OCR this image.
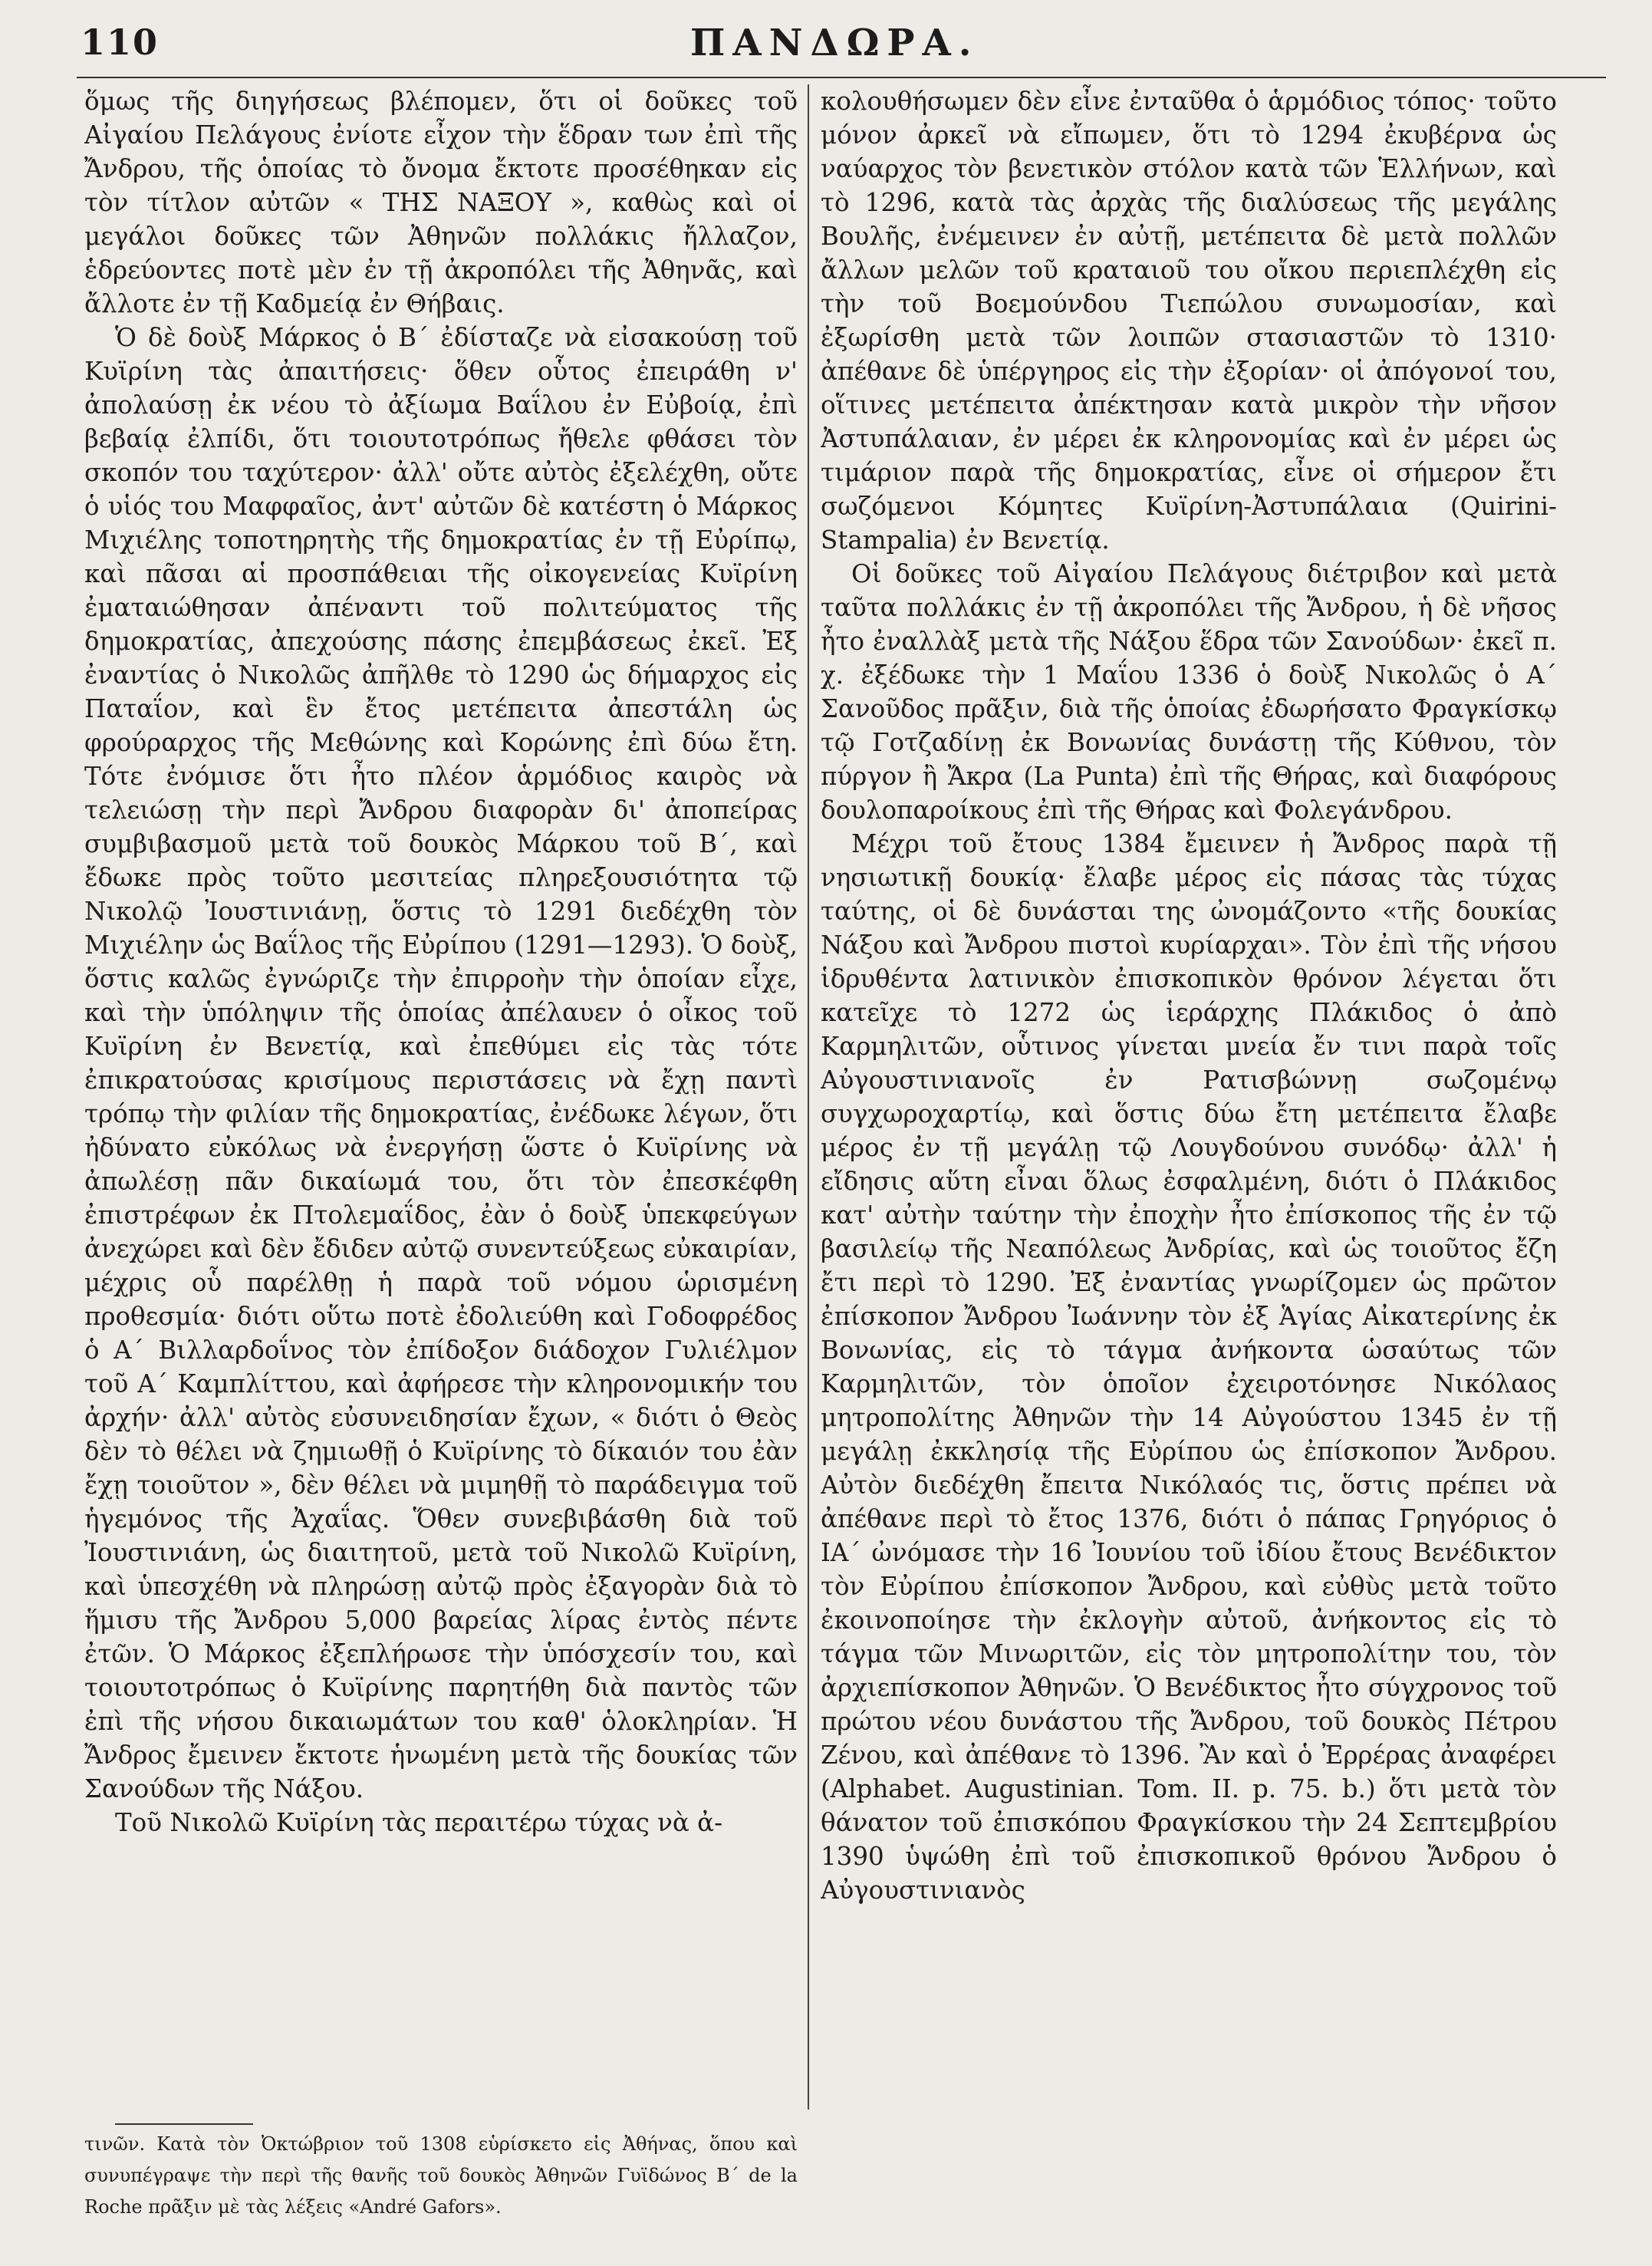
110	ΠΑΝΔΩΡΑ.

ὅμως τῆς διηγήσεως βλέπομεν, ὅτι οἱ δοῦκες τοῦ Αἰγαίου Πελάγους ἐνίοτε εἶχον τὴν ἕδραν των ἐπὶ τῆς Ἄνδρου, τῆς ὁποίας τὸ ὄνομα ἔκτοτε προσέθηκαν εἰς τὸν τίτλον αὐτῶν « ΤΗΣ ΝΑΞΟΥ », καθὼς καὶ οἱ μεγάλοι δοῦκες τῶν Ἀθηνῶν πολλάκις ἤλλαζον, ἑδρεύοντες ποτὲ μὲν ἐν τῇ ἀκροπόλει τῆς Ἀθηνᾶς, καὶ ἄλλοτε ἐν τῇ Καδμείᾳ ἐν Θήβαις.

Ὁ δὲ δοὺξ Μάρκος ὁ Β΄ ἐδίσταζε νὰ εἰσακούσῃ τοῦ Κυϊρίνη τὰς ἀπαιτήσεις· ὅθεν οὗτος ἐπειράθη ν' ἀπολαύσῃ ἐκ νέου τὸ ἀξίωμα Βαΐλου ἐν Εὐβοίᾳ, ἐπὶ βεβαίᾳ ἐλπίδι, ὅτι τοιουτοτρόπως ἤθελε φθάσει τὸν σκοπόν του ταχύτερον· ἀλλ' οὔτε αὐτὸς ἐξελέχθη, οὔτε ὁ υἱός του Μαφφαῖος, ἀντ' αὐτῶν δὲ κατέστη ὁ Μάρκος Μιχιέλης τοποτηρητὴς τῆς δημοκρατίας ἐν τῇ Εὐρίπῳ, καὶ πᾶσαι αἱ προσπάθειαι τῆς οἰκογενείας Κυϊρίνη ἐματαιώθησαν ἀπέναντι τοῦ πολιτεύματος τῆς δημοκρατίας, ἀπεχούσης πάσης ἐπεμβάσεως ἐκεῖ. Ἐξ ἐναντίας ὁ Νικολῶς ἀπῆλθε τὸ 1290 ὡς δήμαρχος εἰς Παταΐον, καὶ ἓν ἔτος μετέπειτα ἀπεστάλη ὡς φρούραρχος τῆς Μεθώνης καὶ Κορώνης ἐπὶ δύω ἔτη. Τότε ἐνόμισε ὅτι ἦτο πλέον ἁρμόδιος καιρὸς νὰ τελειώσῃ τὴν περὶ Ἄνδρου διαφορὰν δι' ἀποπείρας συμβιβασμοῦ μετὰ τοῦ δουκὸς Μάρκου τοῦ Β΄, καὶ ἔδωκε πρὸς τοῦτο μεσιτείας πληρεξουσιότητα τῷ Νικολῷ Ἰουστινιάνῃ, ὅστις τὸ 1291 διεδέχθη τὸν Μιχιέλην ὡς Βαΐλος τῆς Εὐρίπου (1291—1293). Ὁ δοὺξ, ὅστις καλῶς ἐγνώριζε τὴν ἐπιρροὴν τὴν ὁποίαν εἶχε, καὶ τὴν ὑπόληψιν τῆς ὁποίας ἀπέλαυεν ὁ οἶκος τοῦ Κυϊρίνη ἐν Βενετίᾳ, καὶ ἐπεθύμει εἰς τὰς τότε ἐπικρατούσας κρισίμους περιστάσεις νὰ ἔχῃ παντὶ τρόπῳ τὴν φιλίαν τῆς δημοκρατίας, ἐνέδωκε λέγων, ὅτι ἠδύνατο εὐκόλως νὰ ἐνεργήσῃ ὥστε ὁ Κυϊρίνης νὰ ἀπωλέσῃ πᾶν δικαίωμά του, ὅτι τὸν ἐπεσκέφθη ἐπιστρέφων ἐκ Πτολεμαΐδος, ἐὰν ὁ δοὺξ ὑπεκφεύγων ἀνεχώρει καὶ δὲν ἔδιδεν αὐτῷ συνεντεύξεως εὐκαιρίαν, μέχρις οὗ παρέλθῃ ἡ παρὰ τοῦ νόμου ὡρισμένη προθεσμία· διότι οὕτω ποτὲ ἐδολιεύθη καὶ Γοδοφρέδος ὁ Α΄ Βιλλαρδοΐνος τὸν ἐπίδοξον διάδοχον Γυλιέλμον τοῦ Α΄ Καμπλίττου, καὶ ἀφήρεσε τὴν κληρονομικήν του ἀρχήν· ἀλλ' αὐτὸς εὐσυνειδησίαν ἔχων, « διότι ὁ Θεὸς δὲν τὸ θέλει νὰ ζημιωθῇ ὁ Κυϊρίνης τὸ δίκαιόν του ἐὰν ἔχῃ τοιοῦτον », δὲν θέλει νὰ μιμηθῇ τὸ παράδειγμα τοῦ ἡγεμόνος τῆς Ἀχαΐας. Ὅθεν συνεβιβάσθη διὰ τοῦ Ἰουστινιάνη, ὡς διαιτητοῦ, μετὰ τοῦ Νικολῶ Κυϊρίνη, καὶ ὑπεσχέθη νὰ πληρώσῃ αὐτῷ πρὸς ἐξαγορὰν διὰ τὸ ἥμισυ τῆς Ἄνδρου 5,000 βαρείας λίρας ἐντὸς πέντε ἐτῶν. Ὁ Μάρκος ἐξεπλήρωσε τὴν ὑπόσχεσίν του, καὶ τοιουτοτρόπως ὁ Κυϊρίνης παρητήθη διὰ παντὸς τῶν ἐπὶ τῆς νήσου δικαιωμάτων του καθ' ὁλοκληρίαν. Ἡ Ἄνδρος ἔμεινεν ἔκτοτε ἡνωμένη μετὰ τῆς δουκίας τῶν Σανούδων τῆς Νάξου.

Τοῦ Νικολῶ Κυϊρίνη τὰς περαιτέρω τύχας νὰ ἀ-

κολουθήσωμεν δὲν εἶνε ἐνταῦθα ὁ ἁρμόδιος τόπος· τοῦτο μόνον ἀρκεῖ νὰ εἴπωμεν, ὅτι τὸ 1294 ἐκυβέρνα ὡς ναύαρχος τὸν βενετικὸν στόλον κατὰ τῶν Ἑλλήνων, καὶ τὸ 1296, κατὰ τὰς ἀρχὰς τῆς διαλύσεως τῆς μεγάλης Βουλῆς, ἐνέμεινεν ἐν αὐτῇ, μετέπειτα δὲ μετὰ πολλῶν ἄλλων μελῶν τοῦ κραταιοῦ του οἴκου περιεπλέχθη εἰς τὴν τοῦ Βοεμούνδου Τιεπώλου συνωμοσίαν, καὶ ἐξωρίσθη μετὰ τῶν λοιπῶν στασιαστῶν τὸ 1310· ἀπέθανε δὲ ὑπέργηρος εἰς τὴν ἐξορίαν· οἱ ἀπόγονοί του, οἵτινες μετέπειτα ἀπέκτησαν κατὰ μικρὸν τὴν νῆσον Ἀστυπάλαιαν, ἐν μέρει ἐκ κληρονομίας καὶ ἐν μέρει ὡς τιμάριον παρὰ τῆς δημοκρατίας, εἶνε οἱ σήμερον ἔτι σωζόμενοι Κόμητες Κυϊρίνη-Ἀστυπάλαια (Quirini-Stampalia) ἐν Βενετίᾳ.

Οἱ δοῦκες τοῦ Αἰγαίου Πελάγους διέτριβον καὶ μετὰ ταῦτα πολλάκις ἐν τῇ ἀκροπόλει τῆς Ἄνδρου, ἡ δὲ νῆσος ἦτο ἐναλλὰξ μετὰ τῆς Νάξου ἕδρα τῶν Σανούδων· ἐκεῖ π. χ. ἐξέδωκε τὴν 1 Μαΐου 1336 ὁ δοὺξ Νικολῶς ὁ Α΄ Σανοῦδος πρᾶξιν, διὰ τῆς ὁποίας ἐδωρήσατο Φραγκίσκῳ τῷ Γοτζαδίνῃ ἐκ Βονωνίας δυνάστῃ τῆς Κύθνου, τὸν πύργον ἢ Ἄκρα (La Punta) ἐπὶ τῆς Θήρας, καὶ διαφόρους δουλοπαροίκους ἐπὶ τῆς Θήρας καὶ Φολεγάνδρου.

Μέχρι τοῦ ἔτους 1384 ἔμεινεν ἡ Ἄνδρος παρὰ τῇ νησιωτικῇ δουκίᾳ· ἔλαβε μέρος εἰς πάσας τὰς τύχας ταύτης, οἱ δὲ δυνάσται της ὠνομάζοντο «τῆς δουκίας Νάξου καὶ Ἄνδρου πιστοὶ κυρίαρχαι». Τὸν ἐπὶ τῆς νήσου ἱδρυθέντα λατινικὸν ἐπισκοπικὸν θρόνον λέγεται ὅτι κατεῖχε τὸ 1272 ὡς ἱεράρχης Πλάκιδος ὁ ἀπὸ Καρμηλιτῶν, οὗτινος γίνεται μνεία ἔν τινι παρὰ τοῖς Αὐγουστινιανοῖς ἐν Ρατισβώννῃ σωζομένῳ συγχωροχαρτίῳ, καὶ ὅστις δύω ἔτη μετέπειτα ἔλαβε μέρος ἐν τῇ μεγάλῃ τῷ Λουγδούνου συνόδῳ· ἀλλ' ἡ εἴδησις αὕτη εἶναι ὅλως ἐσφαλμένη, διότι ὁ Πλάκιδος κατ' αὐτὴν ταύτην τὴν ἐποχὴν ἦτο ἐπίσκοπος τῆς ἐν τῷ βασιλείῳ τῆς Νεαπόλεως Ἀνδρίας, καὶ ὡς τοιοῦτος ἔζη ἔτι περὶ τὸ 1290. Ἐξ ἐναντίας γνωρίζομεν ὡς πρῶτον ἐπίσκοπον Ἄνδρου Ἰωάννην τὸν ἐξ Ἁγίας Αἰκατερίνης ἐκ Βονωνίας, εἰς τὸ τάγμα ἀνήκοντα ὡσαύτως τῶν Καρμηλιτῶν, τὸν ὁποῖον ἐχειροτόνησε Νικόλαος μητροπολίτης Ἀθηνῶν τὴν 14 Αὐγούστου 1345 ἐν τῇ μεγάλῃ ἐκκλησίᾳ τῆς Εὐρίπου ὡς ἐπίσκοπον Ἄνδρου. Αὐτὸν διεδέχθη ἔπειτα Νικόλαός τις, ὅστις πρέπει νὰ ἀπέθανε περὶ τὸ ἔτος 1376, διότι ὁ πάπας Γρηγόριος ὁ ΙΑ΄ ὠνόμασε τὴν 16 Ἰουνίου τοῦ ἰδίου ἔτους Βενέδικτον τὸν Εὐρίπου ἐπίσκοπον Ἄνδρου, καὶ εὐθὺς μετὰ τοῦτο ἐκοινοποίησε τὴν ἐκλογὴν αὐτοῦ, ἀνήκοντος εἰς τὸ τάγμα τῶν Μινωριτῶν, εἰς τὸν μητροπολίτην του, τὸν ἀρχιεπίσκοπον Ἀθηνῶν. Ὁ Βενέδικτος ἦτο σύγχρονος τοῦ πρώτου νέου δυνάστου τῆς Ἄνδρου, τοῦ δουκὸς Πέτρου Ζένου, καὶ ἀπέθανε τὸ 1396. Ἂν καὶ ὁ Ἐρρέρας ἀναφέρει (Alphabet. Augustinian. Tom. II. p. 75. b.) ὅτι μετὰ τὸν θάνατον τοῦ ἐπισκόπου Φραγκίσκου τὴν 24 Σεπτεμβρίου 1390 ὑψώθη ἐπὶ τοῦ ἐπισκοπικοῦ θρόνου Ἄνδρου ὁ Αὐγουστινιανὸς

τινῶν. Κατὰ τὸν Ὀκτώβριον τοῦ 1308 εὑρίσκετο εἰς Ἀθήνας, ὅπου καὶ συνυπέγραψε τὴν περὶ τῆς θανῆς τοῦ δουκὸς Ἀθηνῶν Γυϊδώνος Β΄ de la Roche πρᾶξιν μὲ τὰς λέξεις «André Gafors».
